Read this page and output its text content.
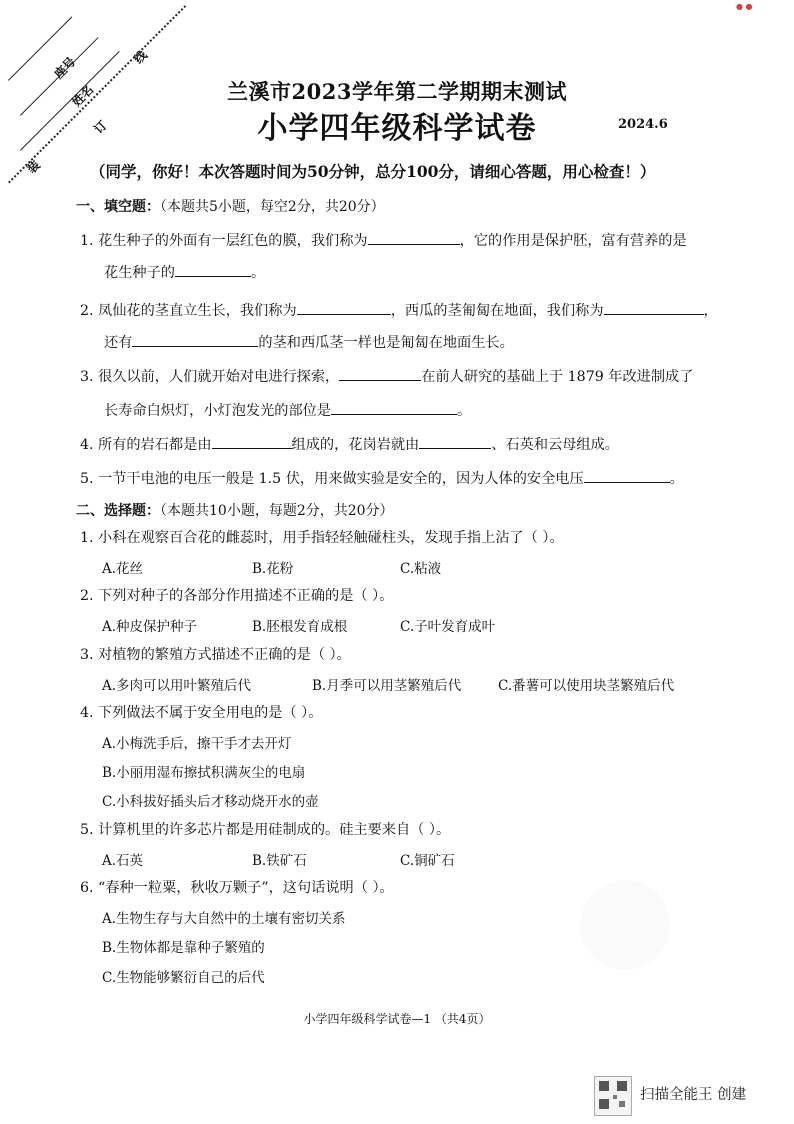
座号
姓名
订
线
装
● ●
兰溪市2023学年第二学期期末测试
小学四年级科学试卷	2024.6
（同学，你好！本次答题时间为50分钟，总分100分，请细心答题，用心检查！）
一、填空题：（本题共5小题，每空2分，共20分）
1. 花生种子的外面有一层红色的膜，我们称为	，它的作用是保护胚，富有营养的是
花生种子的	。
2. 凤仙花的茎直立生长，我们称为	，西瓜的茎匍匐在地面，我们称为	，
还有	的茎和西瓜茎一样也是匍匐在地面生长。
3. 很久以前，人们就开始对电进行探索，	在前人研究的基础上于 1879 年改进制成了
长寿命白炽灯，小灯泡发光的部位是	。
4. 所有的岩石都是由	组成的，花岗岩就由	、石英和云母组成。
5. 一节干电池的电压一般是 1.5 伏，用来做实验是安全的，因为人体的安全电压	。
二、选择题：（本题共10小题，每题2分，共20分）
1. 小科在观察百合花的雌蕊时，用手指轻轻触碰柱头，发现手指上沾了（ ）。
A.花丝	B.花粉	C.粘液
2. 下列对种子的各部分作用描述不正确的是（ ）。
A.种皮保护种子	B.胚根发育成根	C.子叶发育成叶
3. 对植物的繁殖方式描述不正确的是（ ）。
A.多肉可以用叶繁殖后代	B.月季可以用茎繁殖后代	C.番薯可以使用块茎繁殖后代
4. 下列做法不属于安全用电的是（ ）。
A.小梅洗手后，擦干手才去开灯
B.小丽用湿布擦拭积满灰尘的电扇
C.小科拔好插头后才移动烧开水的壶
5. 计算机里的许多芯片都是用硅制成的。硅主要来自（ ）。
A.石英	B.铁矿石	C.铜矿石
6. “春种一粒粟，秋收万颗子”，这句话说明（ ）。
A.生物生存与大自然中的土壤有密切关系
B.生物体都是靠种子繁殖的
C.生物能够繁衍自己的后代
小学四年级科学试卷—1 （共4页）
扫描全能王 创建
